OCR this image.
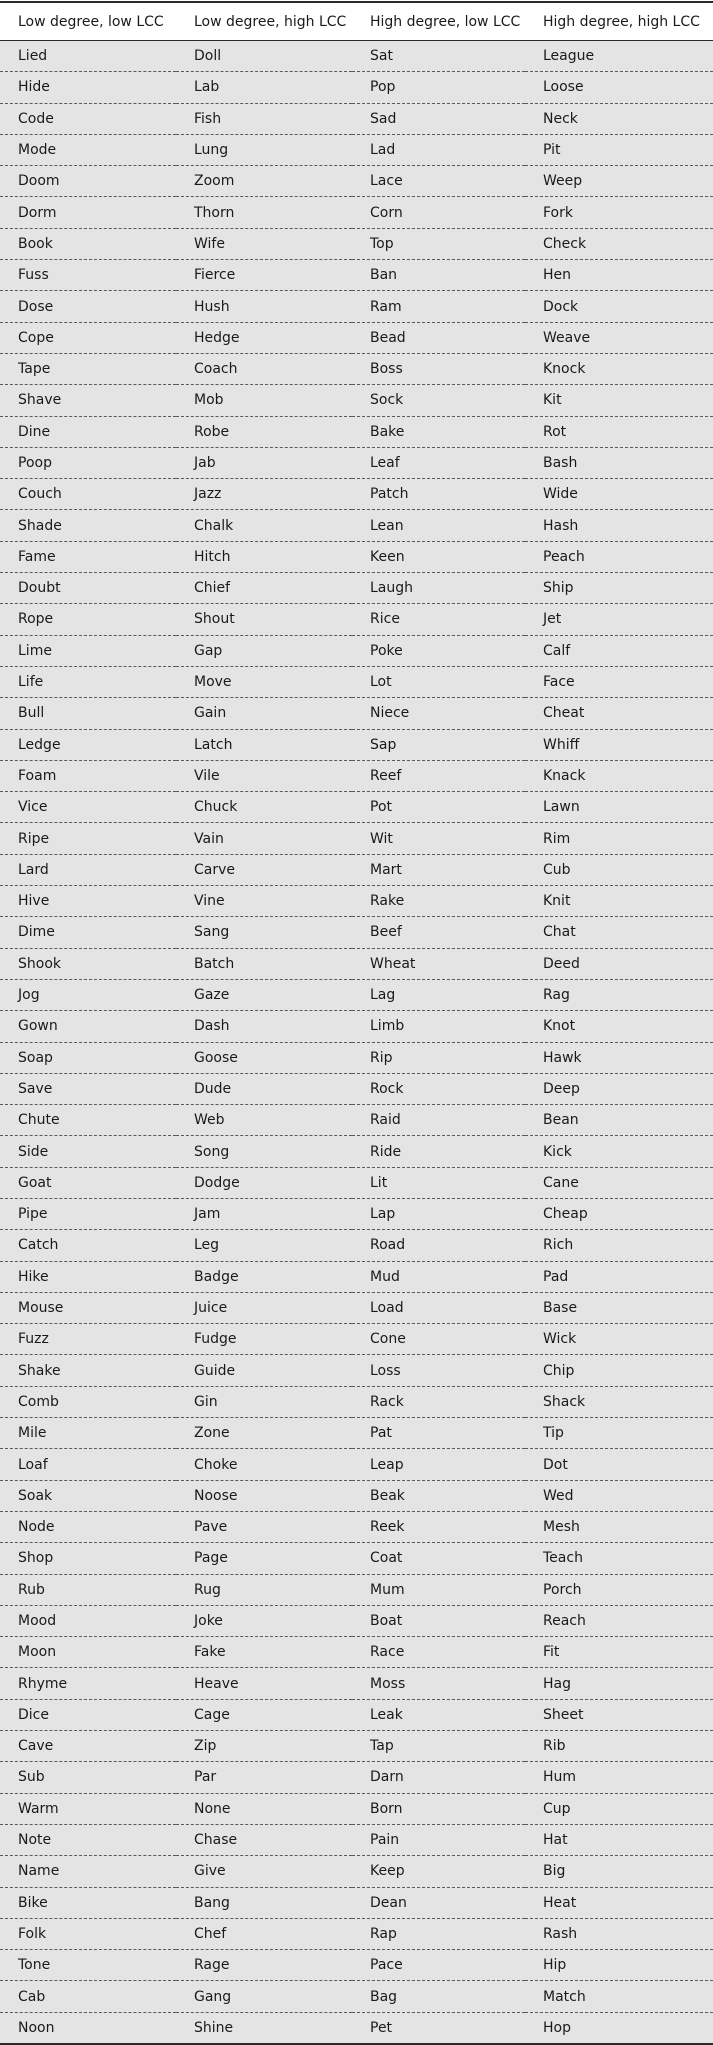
Low degree, low LCC	Low degree, high LCC	High degree, low LCC	High degree, high LCC
Lied	Doll	Sat	League
Hide	Lab	Pop	Loose
Code	Fish	Sad	Neck
Mode	Lung	Lad	Pit
Doom	Zoom	Lace	Weep
Dorm	Thorn	Corn	Fork
Book	Wife	Top	Check
Fuss	Fierce	Ban	Hen
Dose	Hush	Ram	Dock
Cope	Hedge	Bead	Weave
Tape	Coach	Boss	Knock
Shave	Mob	Sock	Kit
Dine	Robe	Bake	Rot
Poop	Jab	Leaf	Bash
Couch	Jazz	Patch	Wide
Shade	Chalk	Lean	Hash
Fame	Hitch	Keen	Peach
Doubt	Chief	Laugh	Ship
Rope	Shout	Rice	Jet
Lime	Gap	Poke	Calf
Life	Move	Lot	Face
Bull	Gain	Niece	Cheat
Ledge	Latch	Sap	Whiff
Foam	Vile	Reef	Knack
Vice	Chuck	Pot	Lawn
Ripe	Vain	Wit	Rim
Lard	Carve	Mart	Cub
Hive	Vine	Rake	Knit
Dime	Sang	Beef	Chat
Shook	Batch	Wheat	Deed
Jog	Gaze	Lag	Rag
Gown	Dash	Limb	Knot
Soap	Goose	Rip	Hawk
Save	Dude	Rock	Deep
Chute	Web	Raid	Bean
Side	Song	Ride	Kick
Goat	Dodge	Lit	Cane
Pipe	Jam	Lap	Cheap
Catch	Leg	Road	Rich
Hike	Badge	Mud	Pad
Mouse	Juice	Load	Base
Fuzz	Fudge	Cone	Wick
Shake	Guide	Loss	Chip
Comb	Gin	Rack	Shack
Mile	Zone	Pat	Tip
Loaf	Choke	Leap	Dot
Soak	Noose	Beak	Wed
Node	Pave	Reek	Mesh
Shop	Page	Coat	Teach
Rub	Rug	Mum	Porch
Mood	Joke	Boat	Reach
Moon	Fake	Race	Fit
Rhyme	Heave	Moss	Hag
Dice	Cage	Leak	Sheet
Cave	Zip	Tap	Rib
Sub	Par	Darn	Hum
Warm	None	Born	Cup
Note	Chase	Pain	Hat
Name	Give	Keep	Big
Bike	Bang	Dean	Heat
Folk	Chef	Rap	Rash
Tone	Rage	Pace	Hip
Cab	Gang	Bag	Match
Noon	Shine	Pet	Hop
